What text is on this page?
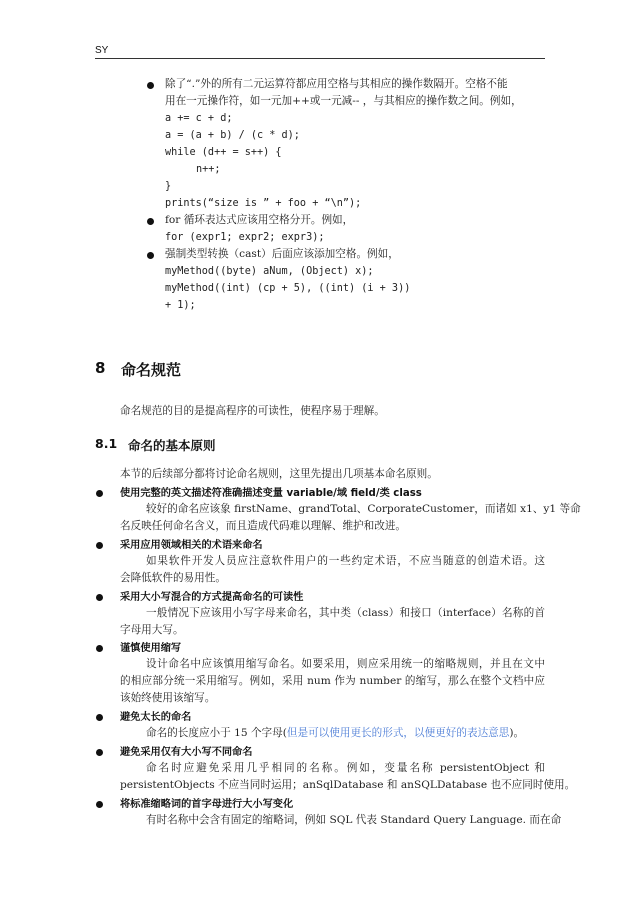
SY
除了“.”外的所有二元运算符都应用空格与其相应的操作数隔开。空格不能
用在一元操作符，如一元加++或一元减-- ，与其相应的操作数之间。例如，
a += c + d;
a = (a + b) / (c * d);
while (d++ = s++) {
n++;
}
prints(“size is ” + foo + “\n”);
for 循环表达式应该用空格分开。例如，
for (expr1; expr2; expr3);
强制类型转换（cast）后面应该添加空格。例如，
myMethod((byte) aNum, (Object) x);
myMethod((int) (cp + 5), ((int) (i + 3))
+ 1);
8 命名规范
命名规范的目的是提高程序的可读性，使程序易于理解。
8.1 命名的基本原则
本节的后续部分都将讨论命名规则，这里先提出几项基本命名原则。
使用完整的英文描述符准确描述变量 variable/域 field/类 class
较好的命名应该象 firstName、grandTotal、CorporateCustomer，而诸如 x1、y1 等命
名反映任何命名含义，而且造成代码难以理解、维护和改进。
采用应用领域相关的术语来命名
如果软件开发人员应注意软件用户的一些约定术语，不应当随意的创造术语。这
会降低软件的易用性。
采用大小写混合的方式提高命名的可读性
一般情况下应该用小写字母来命名，其中类（class）和接口（interface）名称的首
字母用大写。
谨慎使用缩写
设计命名中应该慎用缩写命名。如要采用，则应采用统一的缩略规则，并且在文中
的相应部分统一采用缩写。例如，采用 num 作为 number 的缩写，那么在整个文档中应
该始终使用该缩写。
避免太长的命名
命名的长度应小于 15 个字母(但是可以使用更长的形式，以便更好的表达意思)。
避免采用仅有大小写不同命名
命名时应避免采用几乎相同的名称。例如，变量名称 persistentObject 和
persistentObjects 不应当同时运用；anSqlDatabase 和 anSQLDatabase 也不应同时使用。
将标准缩略词的首字母进行大小写变化
有时名称中会含有固定的缩略词，例如 SQL 代表 Standard Query Language. 而在命
